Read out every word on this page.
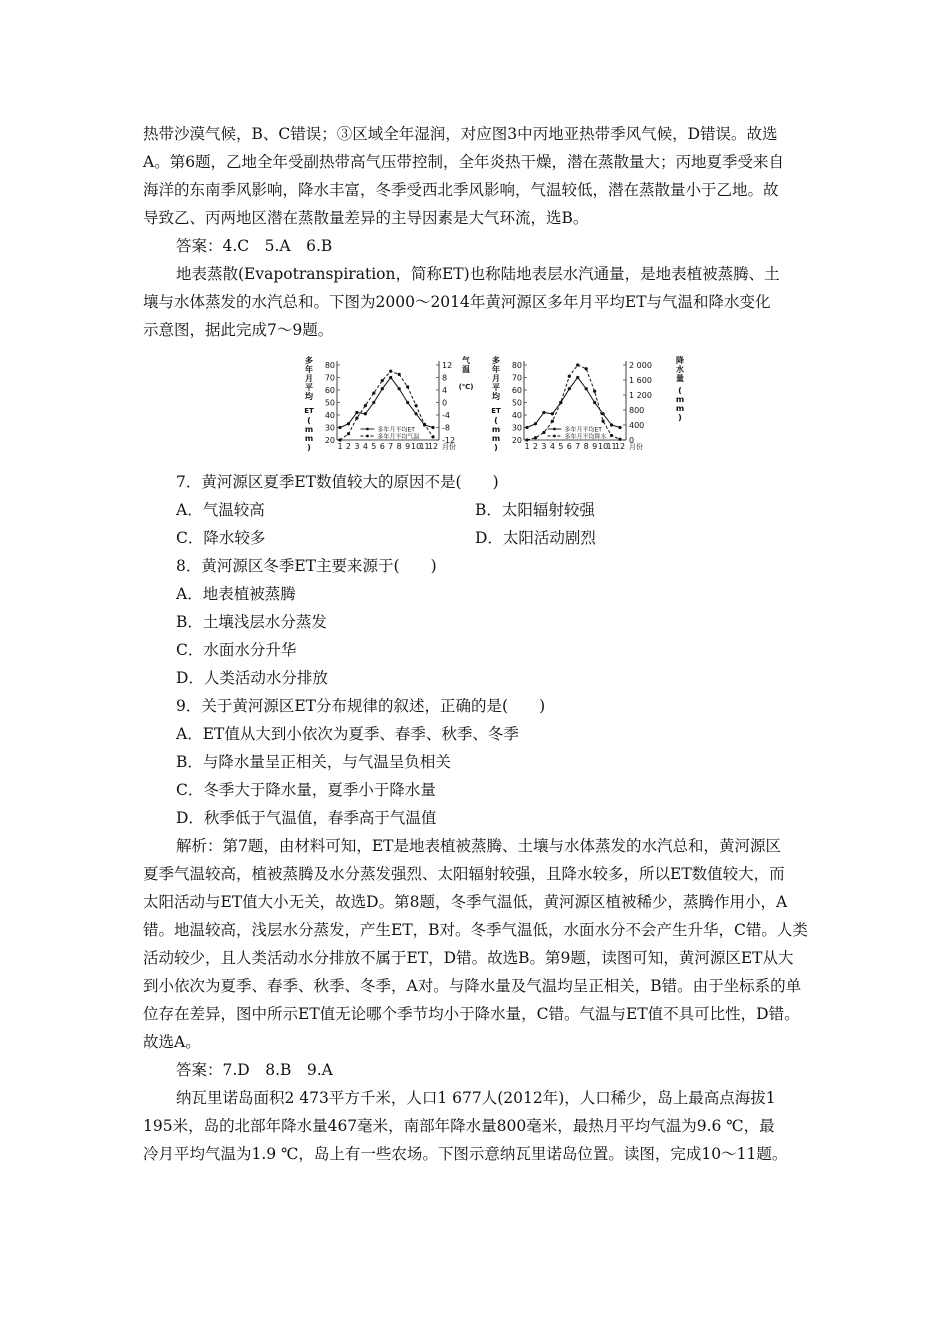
热带沙漠气候，B、C错误；③区域全年湿润，对应图3中丙地亚热带季风气候，D错误。故选
A。第6题，乙地全年受副热带高气压带控制，全年炎热干燥，潜在蒸散量大；丙地夏季受来自
海洋的东南季风影响，降水丰富，冬季受西北季风影响，气温较低，潜在蒸散量小于乙地。故
导致乙、丙两地区潜在蒸散量差异的主导因素是大气环流，选B。
答案：4.C　5.A　6.B
地表蒸散(Evapotranspiration，简称ET)也称陆地表层水汽通量，是地表植被蒸腾、土
壤与水体蒸发的水汽总和。下图为2000～2014年黄河源区多年月平均ET与气温和降水变化
示意图，据此完成7～9题。
20
30
40
50
60
70
80
-12
-8
-4
0
4
8
12
1 2 3 4 5 6 7 8 9 10
11
12 月份
多年月平均ET
多年月平均气温
多
年
月
平
均
ET
(
m
m
)
气
温
(℃)
20
30
40
50
60
70
80
0
400
800
1 200
1 600
2 000
1 2 3 4 5 6 7 8 9 10
11
12 月份
多年月平均ET
多年月平均降水
多
年
月
平
均
ET
(
m
m
)
降
水
量
(
m
m
)
7．黄河源区夏季ET数值较大的原因不是(　　)
A．气温较高	B．太阳辐射较强
C．降水较多	D．太阳活动剧烈
8．黄河源区冬季ET主要来源于(　　)
A．地表植被蒸腾
B．土壤浅层水分蒸发
C．水面水分升华
D．人类活动水分排放
9．关于黄河源区ET分布规律的叙述，正确的是(　　)
A．ET值从大到小依次为夏季、春季、秋季、冬季
B．与降水量呈正相关，与气温呈负相关
C．冬季大于降水量，夏季小于降水量
D．秋季低于气温值，春季高于气温值
解析：第7题，由材料可知，ET是地表植被蒸腾、土壤与水体蒸发的水汽总和，黄河源区
夏季气温较高，植被蒸腾及水分蒸发强烈、太阳辐射较强，且降水较多，所以ET数值较大，而
太阳活动与ET值大小无关，故选D。第8题，冬季气温低，黄河源区植被稀少，蒸腾作用小，A
错。地温较高，浅层水分蒸发，产生ET，B对。冬季气温低，水面水分不会产生升华，C错。人类
活动较少，且人类活动水分排放不属于ET，D错。故选B。第9题，读图可知，黄河源区ET从大
到小依次为夏季、春季、秋季、冬季，A对。与降水量及气温均呈正相关，B错。由于坐标系的单
位存在差异，图中所示ET值无论哪个季节均小于降水量，C错。气温与ET值不具可比性，D错。
故选A。
答案：7.D　8.B　9.A
纳瓦里诺岛面积2 473平方千米，人口1 677人(2012年)，人口稀少，岛上最高点海拔1
195米，岛的北部年降水量467毫米，南部年降水量800毫米，最热月平均气温为9.6 ℃，最
冷月平均气温为1.9 ℃，岛上有一些农场。下图示意纳瓦里诺岛位置。读图，完成10～11题。
